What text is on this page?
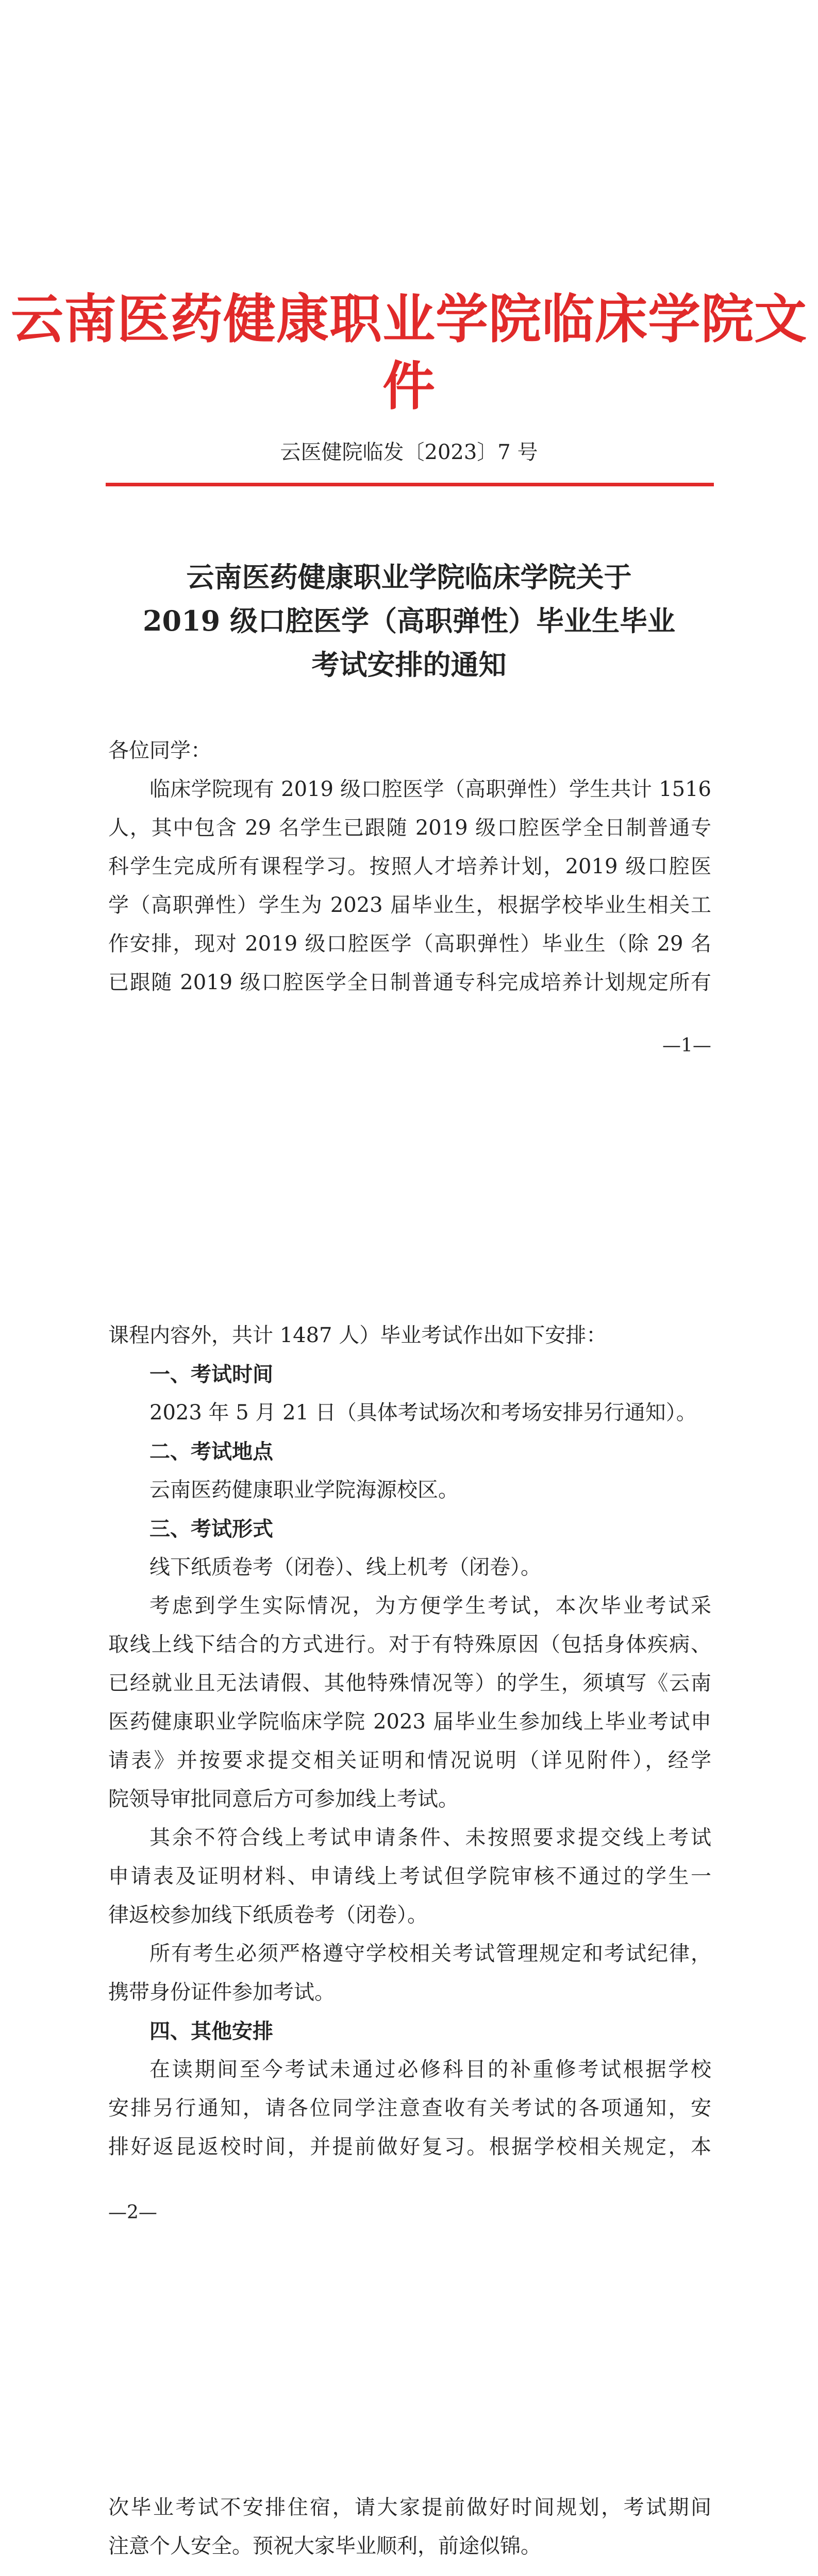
云南医药健康职业学院临床学院文件
云医健院临发〔2023〕7 号
云南医药健康职业学院临床学院关于
2019 级口腔医学（高职弹性）毕业生毕业
考试安排的通知
各位同学：
临床学院现有 2019 级口腔医学（高职弹性）学生共计 1516
人，其中包含 29 名学生已跟随 2019 级口腔医学全日制普通专
科学生完成所有课程学习。按照人才培养计划，2019 级口腔医
学（高职弹性）学生为 2023 届毕业生，根据学校毕业生相关工
作安排，现对 2019 级口腔医学（高职弹性）毕业生（除 29 名
已跟随 2019 级口腔医学全日制普通专科完成培养计划规定所有
—1—
课程内容外，共计 1487 人）毕业考试作出如下安排：
一、考试时间
2023 年 5 月 21 日（具体考试场次和考场安排另行通知）。
二、考试地点
云南医药健康职业学院海源校区。
三、考试形式
线下纸质卷考（闭卷）、线上机考（闭卷）。
考虑到学生实际情况，为方便学生考试，本次毕业考试采
取线上线下结合的方式进行。对于有特殊原因（包括身体疾病、
已经就业且无法请假、其他特殊情况等）的学生，须填写《云南
医药健康职业学院临床学院 2023 届毕业生参加线上毕业考试申
请表》并按要求提交相关证明和情况说明（详见附件），经学
院领导审批同意后方可参加线上考试。
其余不符合线上考试申请条件、未按照要求提交线上考试
申请表及证明材料、申请线上考试但学院审核不通过的学生一
律返校参加线下纸质卷考（闭卷）。
所有考生必须严格遵守学校相关考试管理规定和考试纪律，
携带身份证件参加考试。
四、其他安排
在读期间至今考试未通过必修科目的补重修考试根据学校
安排另行通知，请各位同学注意查收有关考试的各项通知，安
排好返昆返校时间，并提前做好复习。根据学校相关规定，本
—2—
次毕业考试不安排住宿，请大家提前做好时间规划，考试期间
注意个人安全。预祝大家毕业顺利，前途似锦。
